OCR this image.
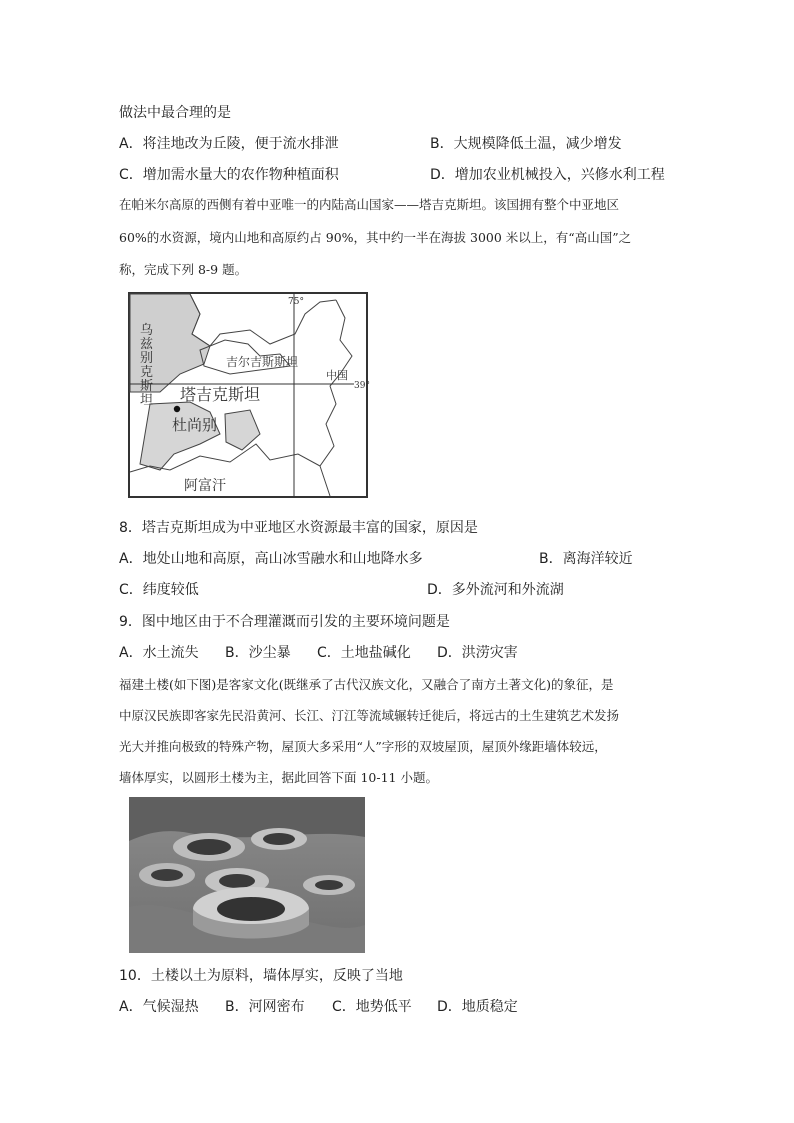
做法中最合理的是
A．将洼地改为丘陵，便于流水排泄	B．大规模降低土温，减少增发
C．增加需水量大的农作物种植面积	D．增加农业机械投入，兴修水利工程
在帕米尔高原的西侧有着中亚唯一的内陆高山国家——塔吉克斯坦。该国拥有整个中亚地区
60%的水资源，境内山地和高原约占 90%，其中约一半在海拔 3000 米以上，有“高山国”之
称，完成下列 8-9 题。
乌
兹
别
克
斯
坦
吉尔吉斯斯坦
中国
塔吉克斯坦
杜尚别
阿富汗
75°
39°
8．塔吉克斯坦成为中亚地区水资源最丰富的国家，原因是
A．地处山地和高原，高山冰雪融水和山地降水多	B．离海洋较近
C．纬度较低	D．多外流河和外流湖
9．图中地区由于不合理灌溉而引发的主要环境问题是
A．水土流失 B．沙尘暴 C．土地盐碱化 D．洪涝灾害
福建土楼(如下图)是客家文化(既继承了古代汉族文化，又融合了南方土著文化)的象征，是
中原汉民族即客家先民沿黄河、长江、汀江等流域辗转迁徙后，将远古的土生建筑艺术发扬
光大并推向极致的特殊产物，屋顶大多采用“人”字形的双坡屋顶，屋顶外缘距墙体较远，
墙体厚实，以圆形土楼为主，据此回答下面 10-11 小题。
10．土楼以土为原料，墙体厚实，反映了当地
A．气候湿热 B．河网密布 C．地势低平 D．地质稳定
